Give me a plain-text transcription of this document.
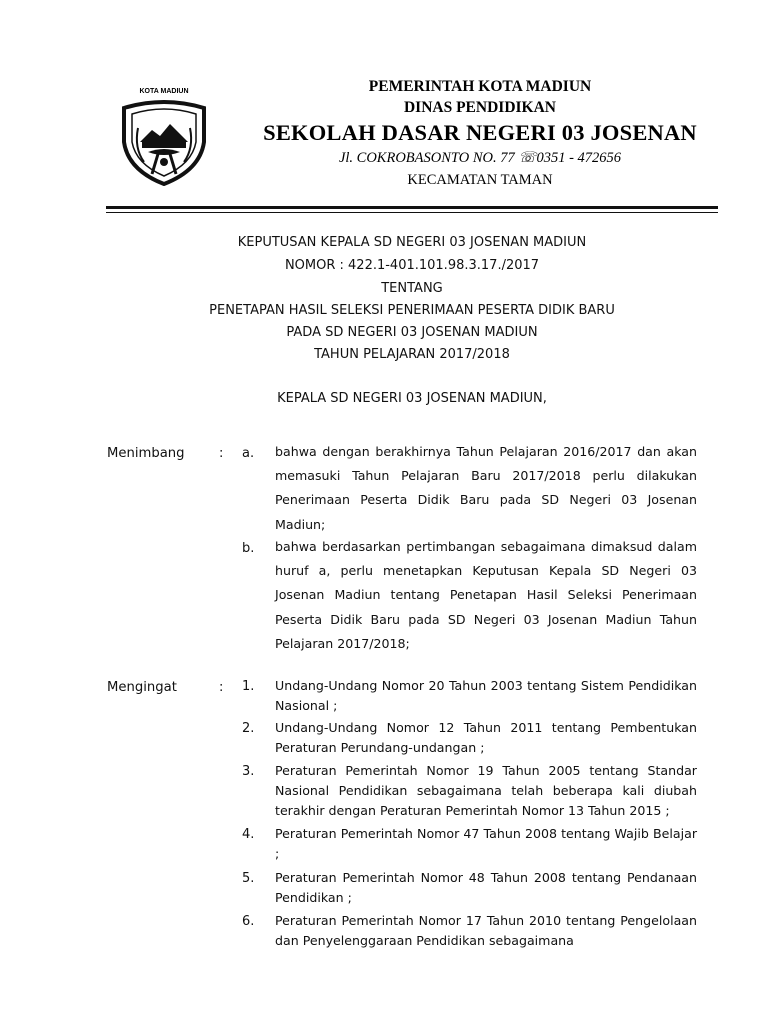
KOTA MADIUN	PEMERINTAH KOTA MADIUN
DINAS PENDIDIKAN
SEKOLAH DASAR NEGERI 03 JOSENAN
Jl. COKROBASONTO NO. 77 ☏0351 - 472656
KECAMATAN TAMAN
KEPUTUSAN KEPALA SD NEGERI 03 JOSENAN MADIUN
NOMOR : 422.1-401.101.98.3.17./2017
TENTANG
PENETAPAN HASIL SELEKSI PENERIMAAN PESERTA DIDIK BARU
PADA SD NEGERI 03 JOSENAN MADIUN
TAHUN PELAJARAN 2017/2018
KEPALA SD NEGERI 03 JOSENAN MADIUN,
Menimbang	: a. bahwa dengan berakhirnya Tahun Pelajaran 2016/2017 dan akan memasuki Tahun Pelajaran Baru 2017/2018 perlu dilakukan Penerimaan Peserta Didik Baru pada SD Negeri 03 Josenan Madiun;
b. bahwa berdasarkan pertimbangan sebagaimana dimaksud dalam huruf a, perlu menetapkan Keputusan Kepala SD Negeri 03 Josenan Madiun tentang Penetapan Hasil Seleksi Penerimaan Peserta Didik Baru pada SD Negeri 03 Josenan Madiun Tahun Pelajaran 2017/2018;
Mengingat	: 1. Undang-Undang Nomor 20 Tahun 2003 tentang Sistem Pendidikan Nasional ;
2. Undang-Undang Nomor 12 Tahun 2011 tentang Pembentukan Peraturan Perundang-undangan ;
3. Peraturan Pemerintah Nomor 19 Tahun 2005 tentang Standar Nasional Pendidikan sebagaimana telah beberapa kali diubah terakhir dengan Peraturan Pemerintah Nomor 13 Tahun 2015 ;
4. Peraturan Pemerintah Nomor 47 Tahun 2008 tentang Wajib Belajar ;
5. Peraturan Pemerintah Nomor 48 Tahun 2008 tentang Pendanaan Pendidikan ;
6. Peraturan Pemerintah Nomor 17 Tahun 2010 tentang Pengelolaan dan Penyelenggaraan Pendidikan sebagaimana
